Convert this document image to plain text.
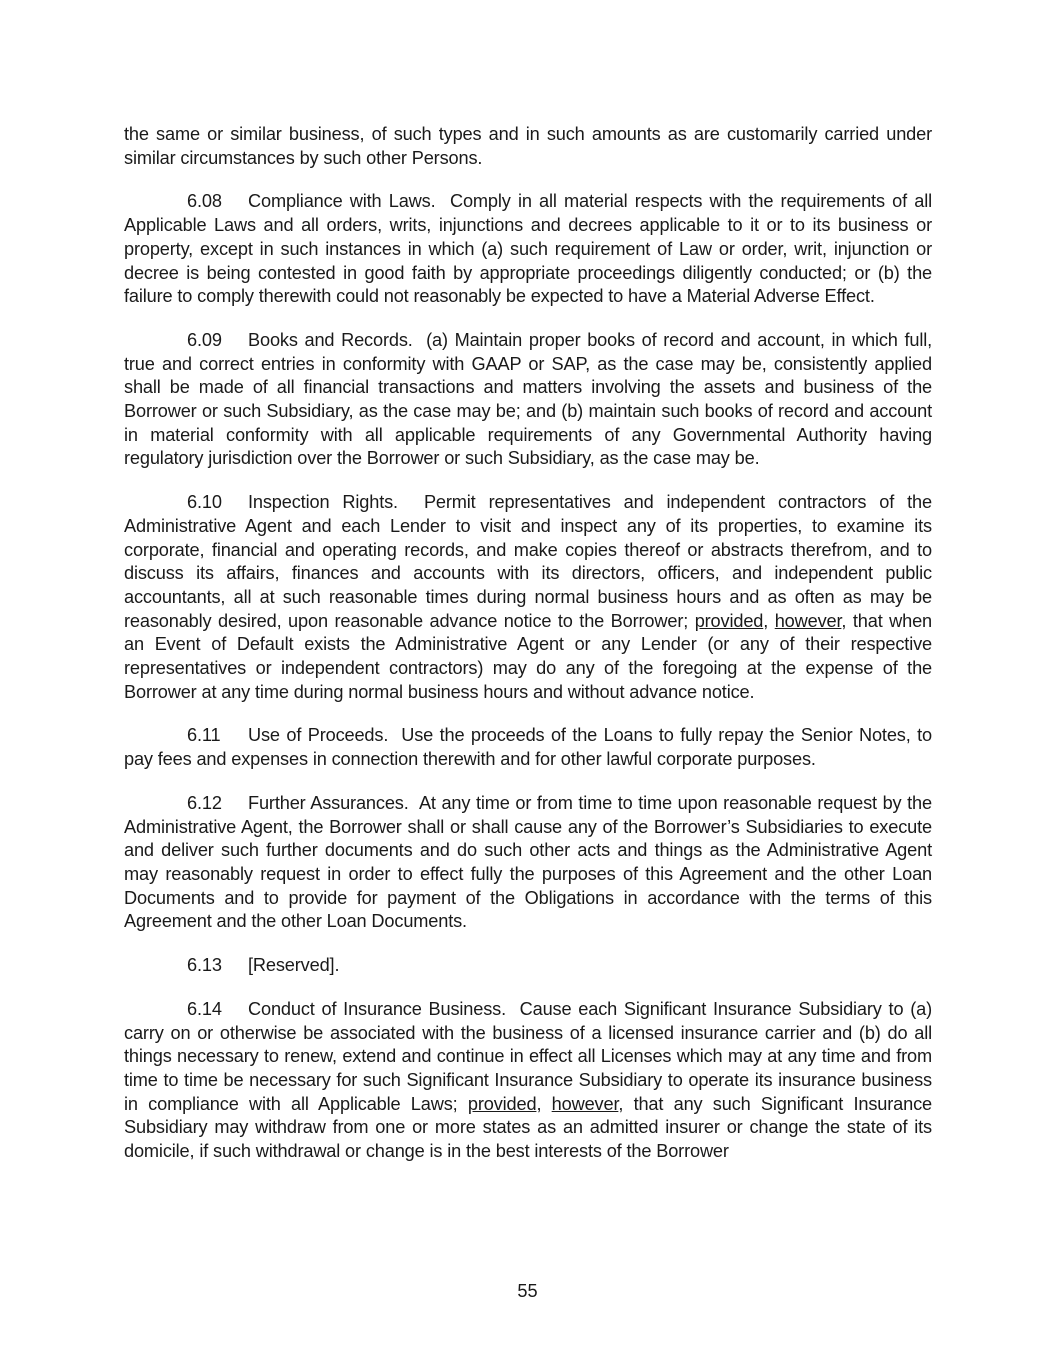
the same or similar business, of such types and in such amounts as are customarily carried under similar circumstances by such other Persons.

6.08 Compliance with Laws. Comply in all material respects with the requirements of all Applicable Laws and all orders, writs, injunctions and decrees applicable to it or to its business or property, except in such instances in which (a) such requirement of Law or order, writ, injunction or decree is being contested in good faith by appropriate proceedings diligently conducted; or (b) the failure to comply therewith could not reasonably be expected to have a Material Adverse Effect.

6.09 Books and Records. (a) Maintain proper books of record and account, in which full, true and correct entries in conformity with GAAP or SAP, as the case may be, consistently applied shall be made of all financial transactions and matters involving the assets and business of the Borrower or such Subsidiary, as the case may be; and (b) maintain such books of record and account in material conformity with all applicable requirements of any Governmental Authority having regulatory jurisdiction over the Borrower or such Subsidiary, as the case may be.

6.10 Inspection Rights. Permit representatives and independent contractors of the Administrative Agent and each Lender to visit and inspect any of its properties, to examine its corporate, financial and operating records, and make copies thereof or abstracts therefrom, and to discuss its affairs, finances and accounts with its directors, officers, and independent public accountants, all at such reasonable times during normal business hours and as often as may be reasonably desired, upon reasonable advance notice to the Borrower; provided, however, that when an Event of Default exists the Administrative Agent or any Lender (or any of their respective representatives or independent contractors) may do any of the foregoing at the expense of the Borrower at any time during normal business hours and without advance notice.

6.11 Use of Proceeds. Use the proceeds of the Loans to fully repay the Senior Notes, to pay fees and expenses in connection therewith and for other lawful corporate purposes.

6.12 Further Assurances. At any time or from time to time upon reasonable request by the Administrative Agent, the Borrower shall or shall cause any of the Borrower’s Subsidiaries to execute and deliver such further documents and do such other acts and things as the Administrative Agent may reasonably request in order to effect fully the purposes of this Agreement and the other Loan Documents and to provide for payment of the Obligations in accordance with the terms of this Agreement and the other Loan Documents.

6.13 [Reserved].

6.14 Conduct of Insurance Business. Cause each Significant Insurance Subsidiary to (a) carry on or otherwise be associated with the business of a licensed insurance carrier and (b) do all things necessary to renew, extend and continue in effect all Licenses which may at any time and from time to time be necessary for such Significant Insurance Subsidiary to operate its insurance business in compliance with all Applicable Laws; provided, however, that any such Significant Insurance Subsidiary may withdraw from one or more states as an admitted insurer or change the state of its domicile, if such withdrawal or change is in the best interests of the Borrower

55
